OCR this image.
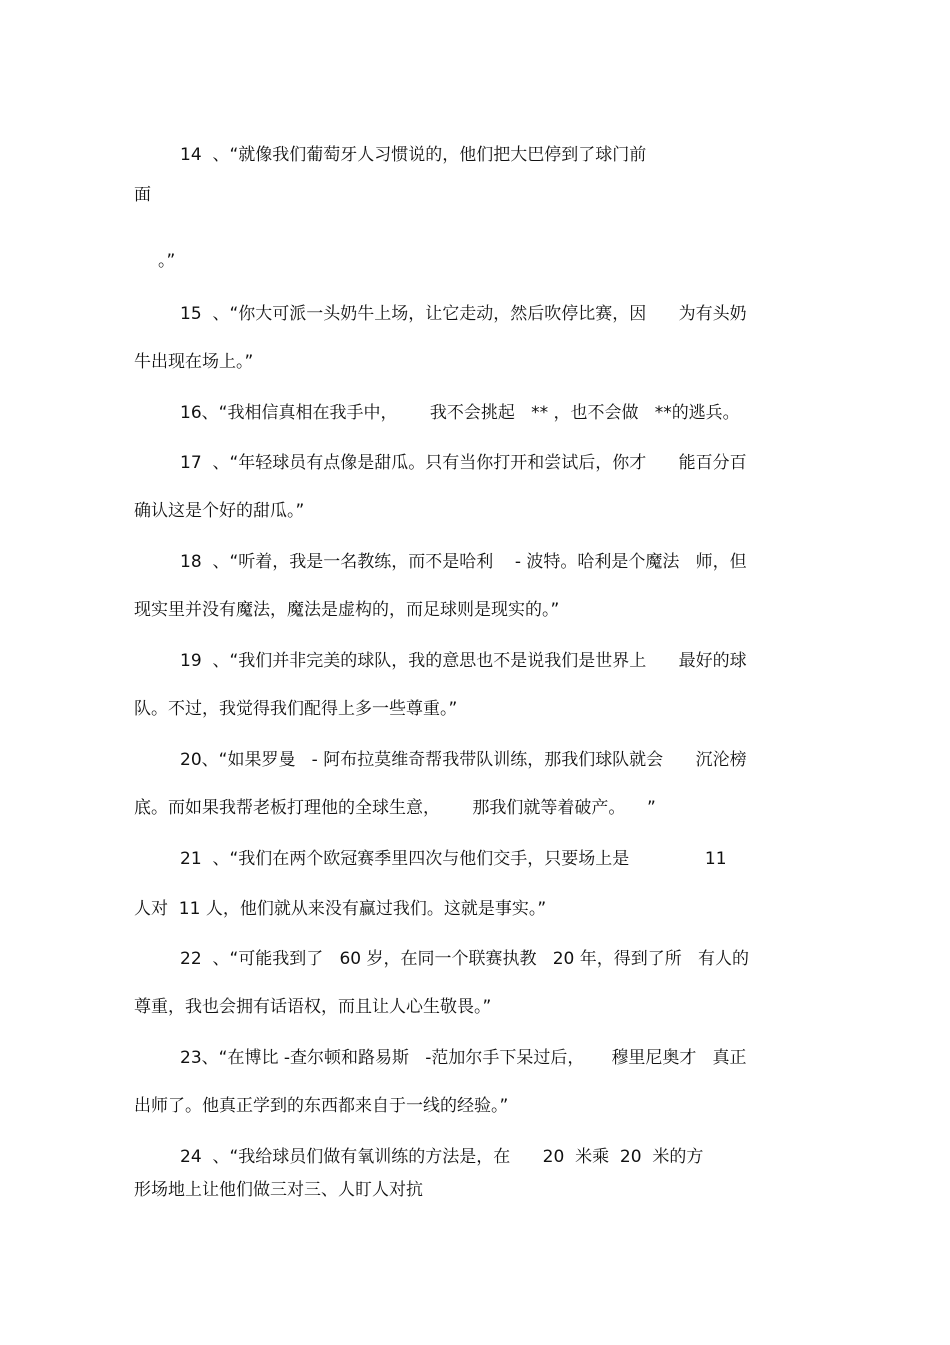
14  、“就像我们葡萄牙人习惯说的，他们把大巴停到了球门前
面
。”
15  、“你大可派一头奶牛上场，让它走动，然后吹停比赛，因      为有头奶
牛出现在场上。”
16、“我相信真相在我手中，      我不会挑起   ** ，也不会做   **的逃兵。
17  、“年轻球员有点像是甜瓜。只有当你打开和尝试后，你才      能百分百
确认这是个好的甜瓜。”
18  、“听着，我是一名教练，而不是哈利    - 波特。哈利是个魔法   师，但
现实里并没有魔法，魔法是虚构的，而足球则是现实的。”
19  、“我们并非完美的球队，我的意思也不是说我们是世界上      最好的球
队。不过，我觉得我们配得上多一些尊重。”
20、“如果罗曼   - 阿布拉莫维奇帮我带队训练，那我们球队就会      沉沦榜
底。而如果我帮老板打理他的全球生意，      那我们就等着破产。    ”
21  、“我们在两个欧冠赛季里四次与他们交手，只要场上是              11
人对  11 人，他们就从来没有赢过我们。这就是事实。”
22  、“可能我到了   60 岁，在同一个联赛执教   20 年，得到了所   有人的
尊重，我也会拥有话语权，而且让人心生敬畏。”
23、“在博比 -查尔顿和路易斯   -范加尔手下呆过后，     穆里尼奥才   真正
出师了。他真正学到的东西都来自于一线的经验。”
24  、“我给球员们做有氧训练的方法是，在      20  米乘  20  米的方
形场地上让他们做三对三、人盯人对抗
